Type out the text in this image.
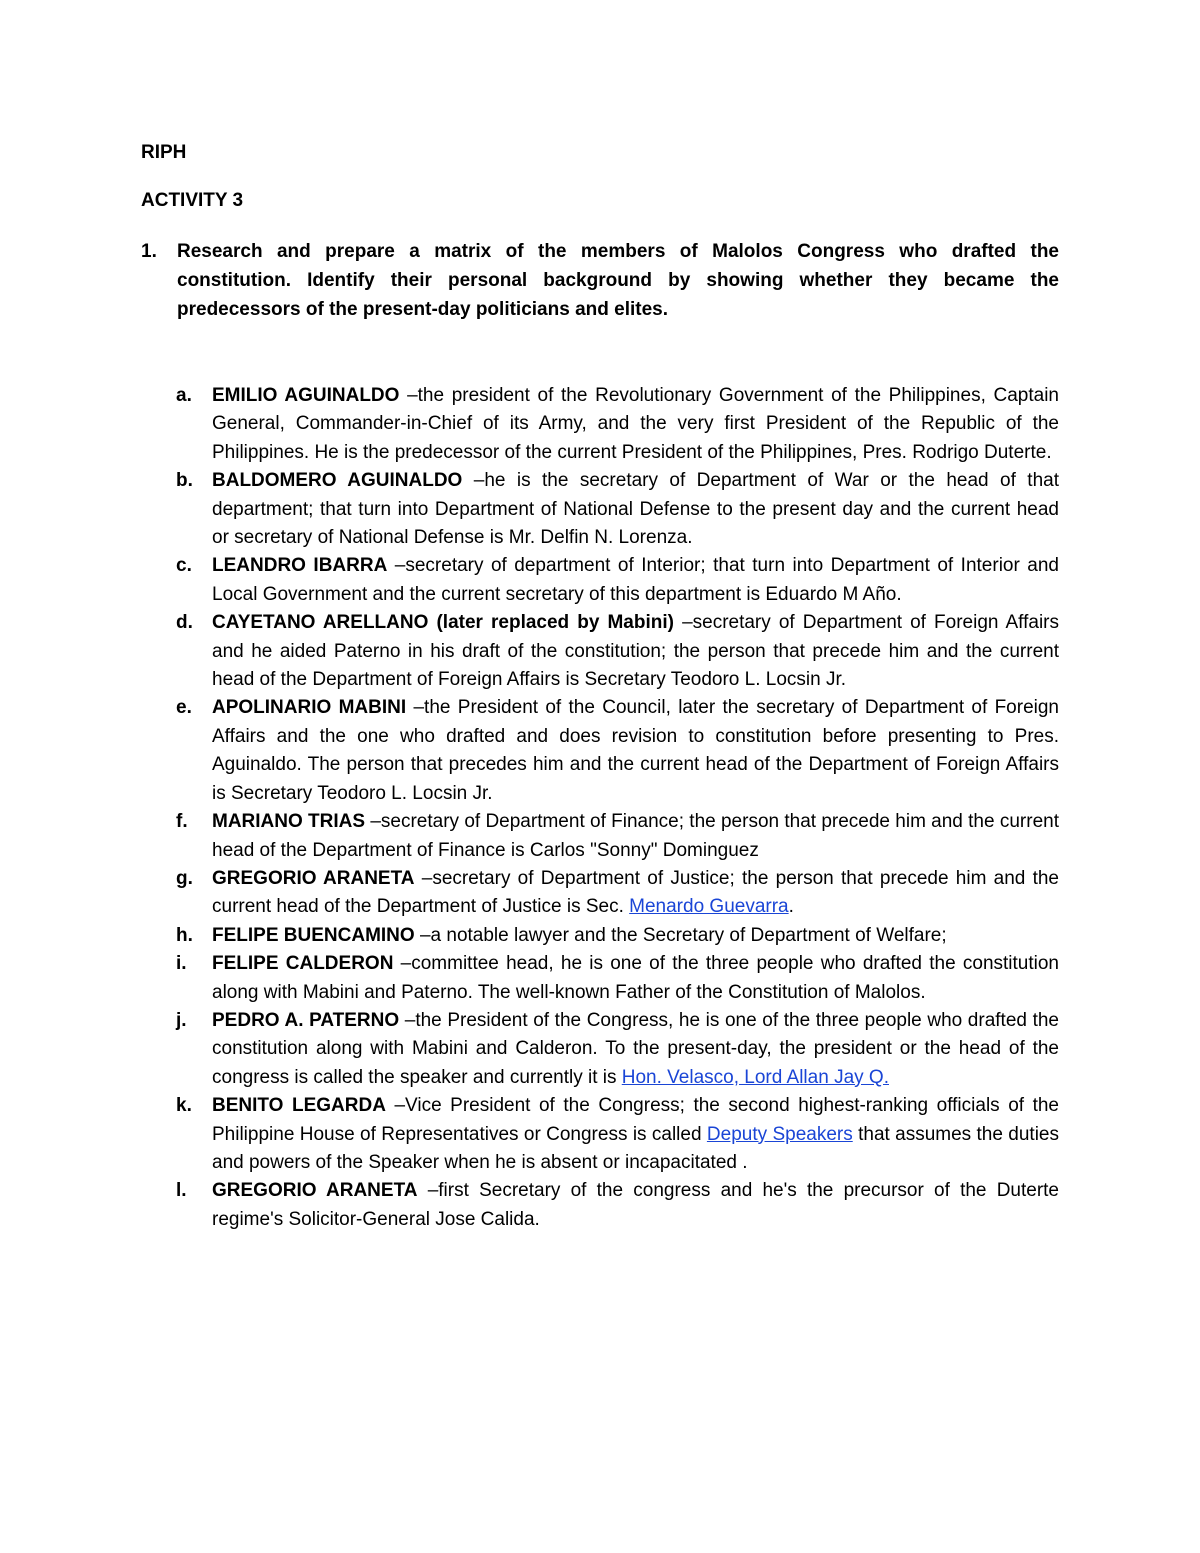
RIPH

ACTIVITY 3

1. Research and prepare a matrix of the members of Malolos Congress who drafted the constitution. Identify their personal background by showing whether they became the predecessors of the present-day politicians and elites.
a. EMILIO AGUINALDO –the president of the Revolutionary Government of the Philippines, Captain General, Commander-in-Chief of its Army, and the very first President of the Republic of the Philippines. He is the predecessor of the current President of the Philippines, Pres. Rodrigo Duterte.
b. BALDOMERO AGUINALDO –he is the secretary of Department of War or the head of that department; that turn into Department of National Defense to the present day and the current head or secretary of National Defense is Mr. Delfin N. Lorenza.
c. LEANDRO IBARRA –secretary of department of Interior; that turn into Department of Interior and Local Government and the current secretary of this department is Eduardo M Año.
d. CAYETANO ARELLANO (later replaced by Mabini) –secretary of Department of Foreign Affairs and he aided Paterno in his draft of the constitution; the person that precede him and the current head of the Department of Foreign Affairs is Secretary Teodoro L. Locsin Jr.
e. APOLINARIO MABINI –the President of the Council, later the secretary of Department of Foreign Affairs and the one who drafted and does revision to constitution before presenting to Pres. Aguinaldo. The person that precedes him and the current head of the Department of Foreign Affairs is Secretary Teodoro L. Locsin Jr.
f. MARIANO TRIAS –secretary of Department of Finance; the person that precede him and the current head of the Department of Finance is Carlos "Sonny" Dominguez
g. GREGORIO ARANETA –secretary of Department of Justice; the person that precede him and the current head of the Department of Justice is Sec. Menardo Guevarra.
h. FELIPE BUENCAMINO –a notable lawyer and the Secretary of Department of Welfare;
i. FELIPE CALDERON –committee head, he is one of the three people who drafted the constitution along with Mabini and Paterno. The well-known Father of the Constitution of Malolos.
j. PEDRO A. PATERNO –the President of the Congress, he is one of the three people who drafted the constitution along with Mabini and Calderon. To the present-day, the president or the head of the congress is called the speaker and currently it is Hon. Velasco, Lord Allan Jay Q.
k. BENITO LEGARDA –Vice President of the Congress; the second highest-ranking officials of the Philippine House of Representatives or Congress is called Deputy Speakers that assumes the duties and powers of the Speaker when he is absent or incapacitated .
l. GREGORIO ARANETA –first Secretary of the congress and he's the precursor of the Duterte regime's Solicitor-General Jose Calida.
